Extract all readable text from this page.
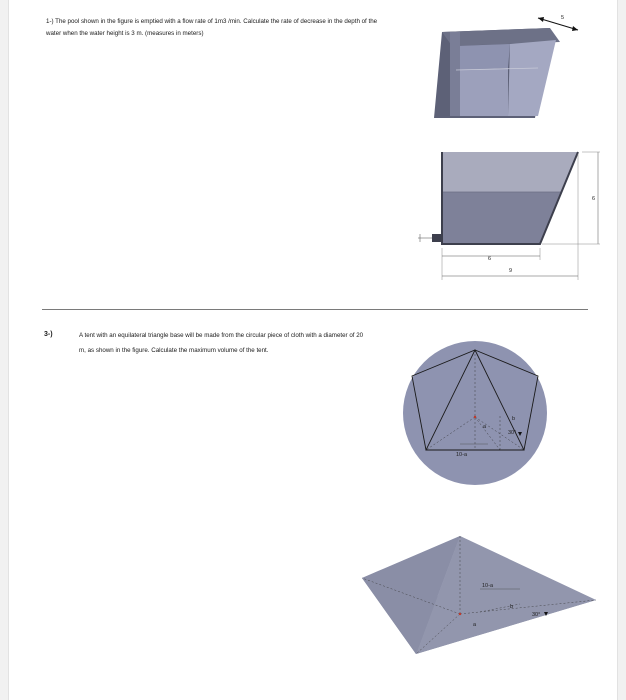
1-) The pool shown in the figure is emptied with a flow rate of 1m3 /min. Calculate the rate of decrease in the depth of the water when the water height is 3 m. (measures in meters)
5
6
9
6
3-)	A tent with an equilateral triangle base will be made from the circular piece of cloth with a diameter of 20 m, as shown in the figure. Calculate the maximum volume of the tent.
b
a
30°
10-a
10-a
b
a
30°
